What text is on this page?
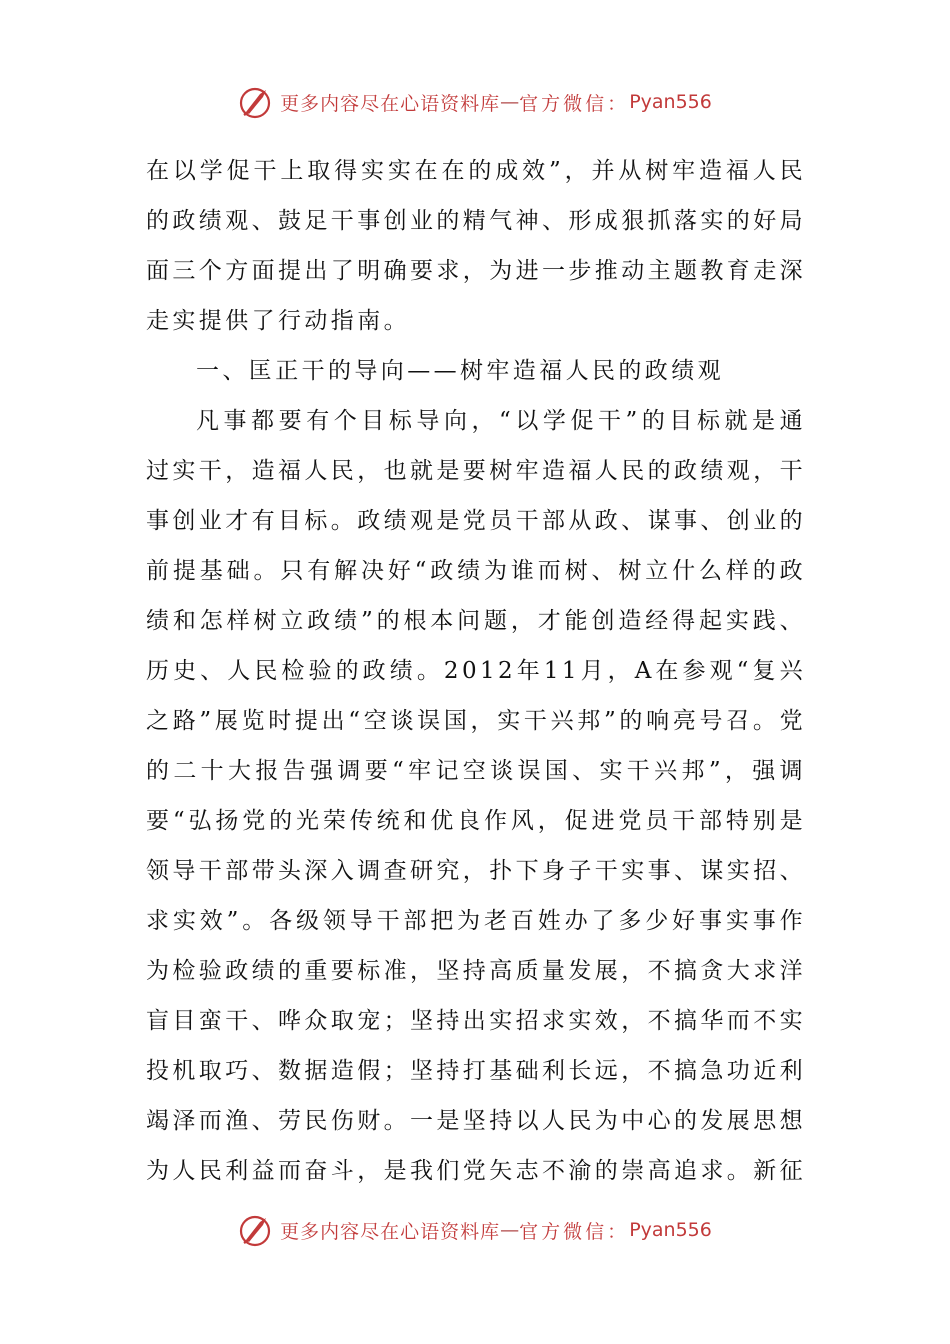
更多内容尽在心语资料库 — 官方微信： Pyan556

在以学促干上取得实实在在的成效”，并从树牢造福人民的政绩观、鼓足干事创业的精气神、形成狠抓落实的好局面三个方面提出了明确要求，为进一步推动主题教育走深走实提供了行动指南。

一、匡正干的导向——树牢造福人民的政绩观

凡事都要有个目标导向，“以学促干”的目标就是通过实干，造福人民，也就是要树牢造福人民的政绩观，干事创业才有目标。政绩观是党员干部从政、谋事、创业的前提基础。只有解决好“政绩为谁而树、树立什么样的政绩和怎样树立政绩”的根本问题，才能创造经得起实践、历史、人民检验的政绩。2012年11月，A在参观“复兴之路”展览时提出“空谈误国，实干兴邦”的响亮号召。党的二十大报告强调要“牢记空谈误国、实干兴邦”，强调要“弘扬党的光荣传统和优良作风，促进党员干部特别是领导干部带头深入调查研究，扑下身子干实事、谋实招、求实效”。各级领导干部把为老百姓办了多少好事实事作为检验政绩的重要标准，坚持高质量发展，不搞贪大求洋盲目蛮干、哗众取宠；坚持出实招求实效，不搞华而不实投机取巧、数据造假；坚持打基础利长远，不搞急功近利竭泽而渔、劳民伤财。一是坚持以人民为中心的发展思想为人民利益而奋斗，是我们党矢志不渝的崇高追求。新征

更多内容尽在心语资料库 — 官方微信： Pyan556
